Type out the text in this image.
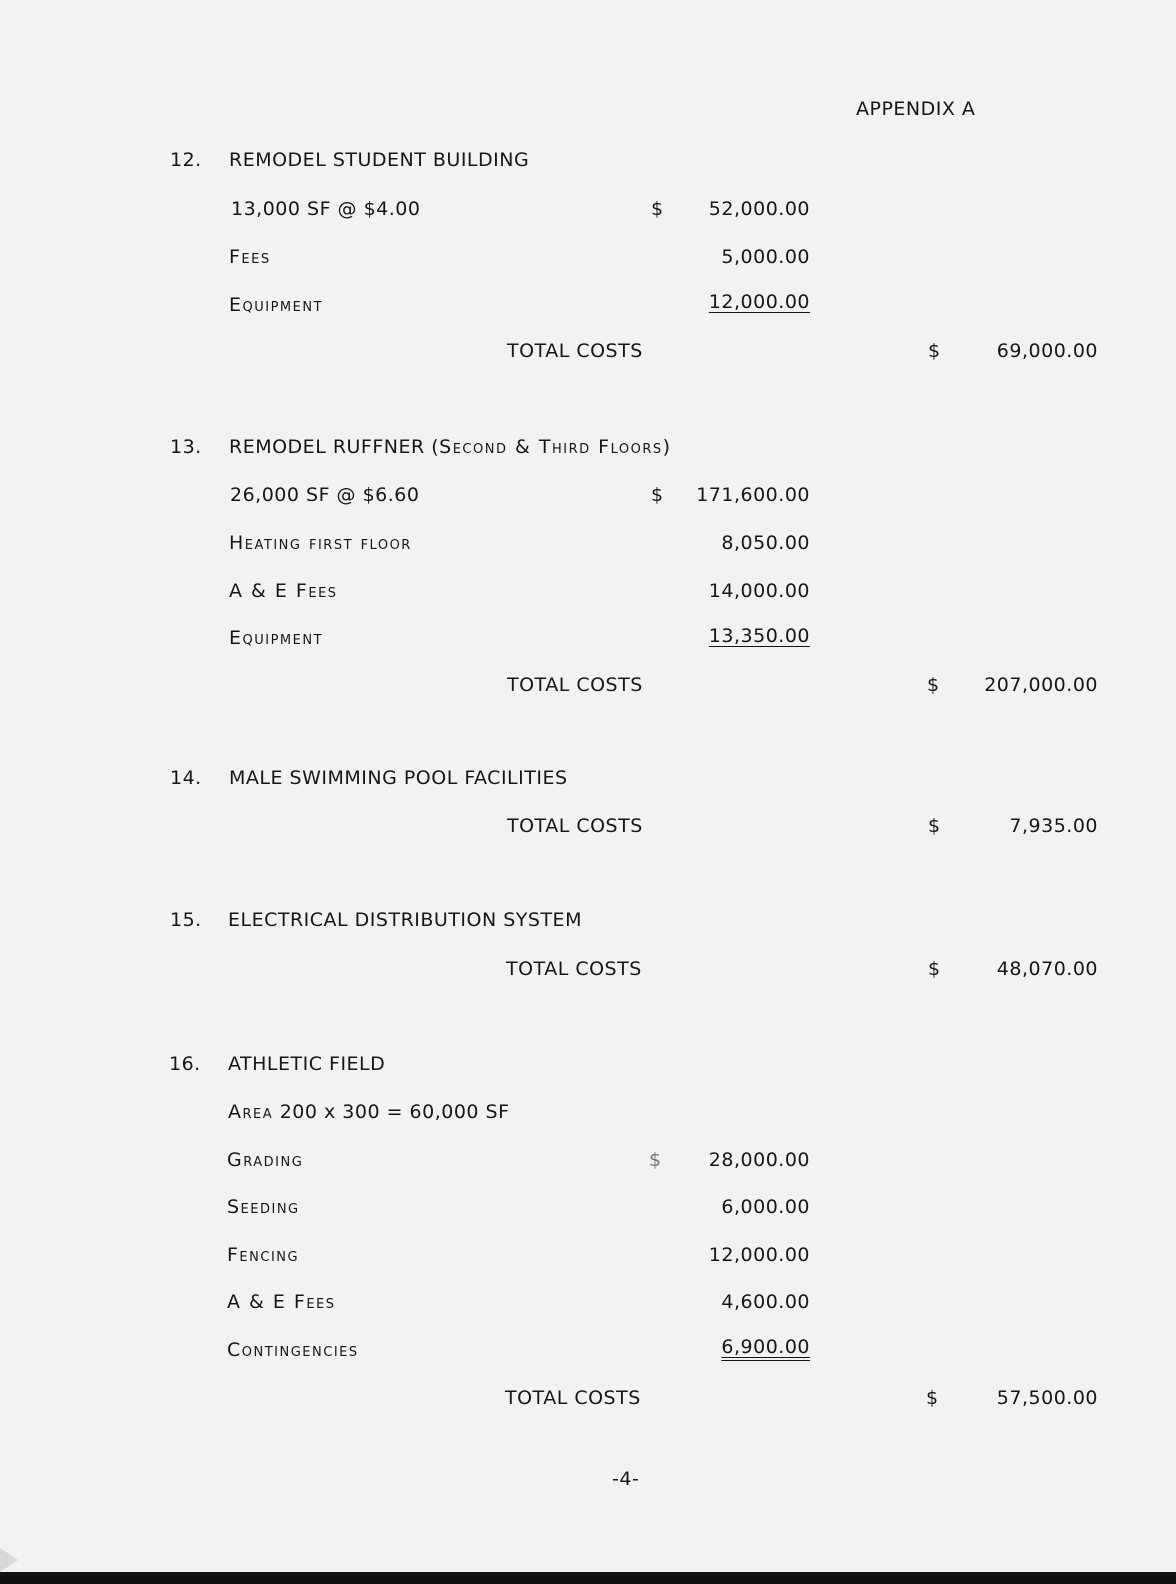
APPENDIX A
12. REMODEL STUDENT BUILDING
13,000 SF @ $4.00	$	52,000.00
Fees	5,000.00
Equipment	12,000.00
TOTAL COSTS	$	69,000.00
13. REMODEL RUFFNER (Second & Third Floors)
26,000 SF @ $6.60	$	171,600.00
Heating first floor	8,050.00
A & E Fees	14,000.00
Equipment	13,350.00
TOTAL COSTS	$	207,000.00
14. MALE SWIMMING POOL FACILITIES
TOTAL COSTS	$	7,935.00
15. ELECTRICAL DISTRIBUTION SYSTEM
TOTAL COSTS	$	48,070.00
16. ATHLETIC FIELD
Area 200 x 300 = 60,000 SF
Grading	$	28,000.00
Seeding	6,000.00
Fencing	12,000.00
A & E Fees	4,600.00
Contingencies	6,900.00
TOTAL COSTS	$	57,500.00
-4-
